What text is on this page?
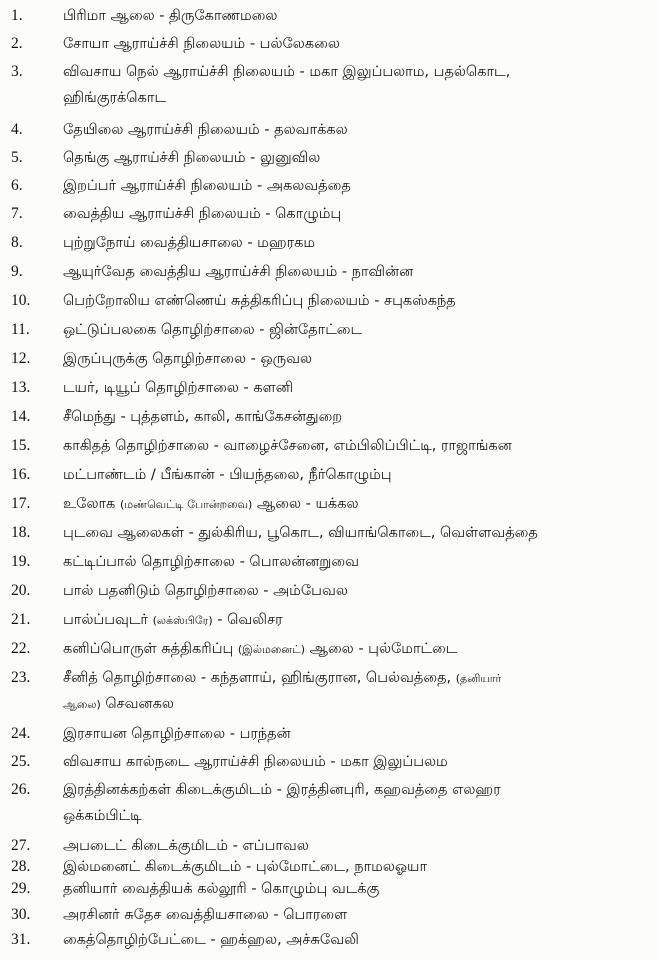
1.	பிரிமா ஆலை - திருகோணமலை
2.	சோயா ஆராய்ச்சி நிலையம் - பல்லேகலை
3.	விவசாய நெல் ஆராய்ச்சி நிலையம் - மகா இலுப்பலாம, பதல்கொட,
ஹிங்குரக்கொட
4.	தேயிலை ஆராய்ச்சி நிலையம் - தலவாக்கல
5.	தெங்கு ஆராய்ச்சி நிலையம் - லுனுவில
6.	இறப்பர் ஆராய்ச்சி நிலையம் - அகலவத்தை
7.	வைத்திய ஆராய்ச்சி நிலையம் - கொழும்பு
8.	புற்றுநோய் வைத்தியசாலை - மஹரகம
9.	ஆயுர்வேத வைத்திய ஆராய்ச்சி நிலையம் - நாவின்ன
10.	பெற்றோலிய எண்ணெய் சுத்திகரிப்பு நிலையம் - சபுகஸ்கந்த
11.	ஒட்டுப்பலகை தொழிற்சாலை - ஜின்தோட்டை
12.	இருப்புருக்கு தொழிற்சாலை - ஒருவல
13.	டயர், டியூப் தொழிற்சாலை - களனி
14.	சீமெந்து - புத்தளம், காலி, காங்கேசன்துறை
15.	காகிதத் தொழிற்சாலை - வாழைச்சேனை, எம்பிலிப்பிட்டி, ராஜாங்கன
16.	மட்பாண்டம் / பீங்கான் - பியந்தலை, நீர்கொழும்பு
17.	உலோக (மண்வெட்டி போன்றவை) ஆலை - யக்கல
18.	புடவை ஆலைகள் - துல்கிரிய, பூகொட, வியாங்கொடை, வெள்ளவத்தை
19.	கட்டிப்பால் தொழிற்சாலை - பொலன்னறுவை
20.	பால் பதனிடும் தொழிற்சாலை - அம்பேவல
21.	பால்ப்பவுடர் (லக்ஸ்பிரே) - வெலிசர
22.	கனிப்பொருள் சுத்திகரிப்பு (இல்மனைட்) ஆலை - புல்மோட்டை
23.	சீனித் தொழிற்சாலை - கந்தளாய், ஹிங்குரான, பெல்வத்தை, (தனியார்
ஆலை) செவனகல
24.	இரசாயன தொழிற்சாலை - பரந்தன்
25.	விவசாய கால்நடை ஆராய்ச்சி நிலையம் - மகா இலுப்பலம
26.	இரத்தினக்கற்கள் கிடைக்குமிடம் - இரத்தினபுரி, கஹவத்தை எலஹர
ஒக்கம்பிட்டி
27.	அபடைட் கிடைக்குமிடம் - எப்பாவல
28.	இல்மனைட் கிடைக்குமிடம் - புல்மோட்டை, நாமலஓயா
29.	தனியார் வைத்தியக் கல்லூரி - கொழும்பு வடக்கு
30.	அரசினர் சுதேச வைத்தியசாலை - பொரளை
31.	கைத்தொழிற்பேட்டை - ஹக்ஹல, அச்சுவேலி
